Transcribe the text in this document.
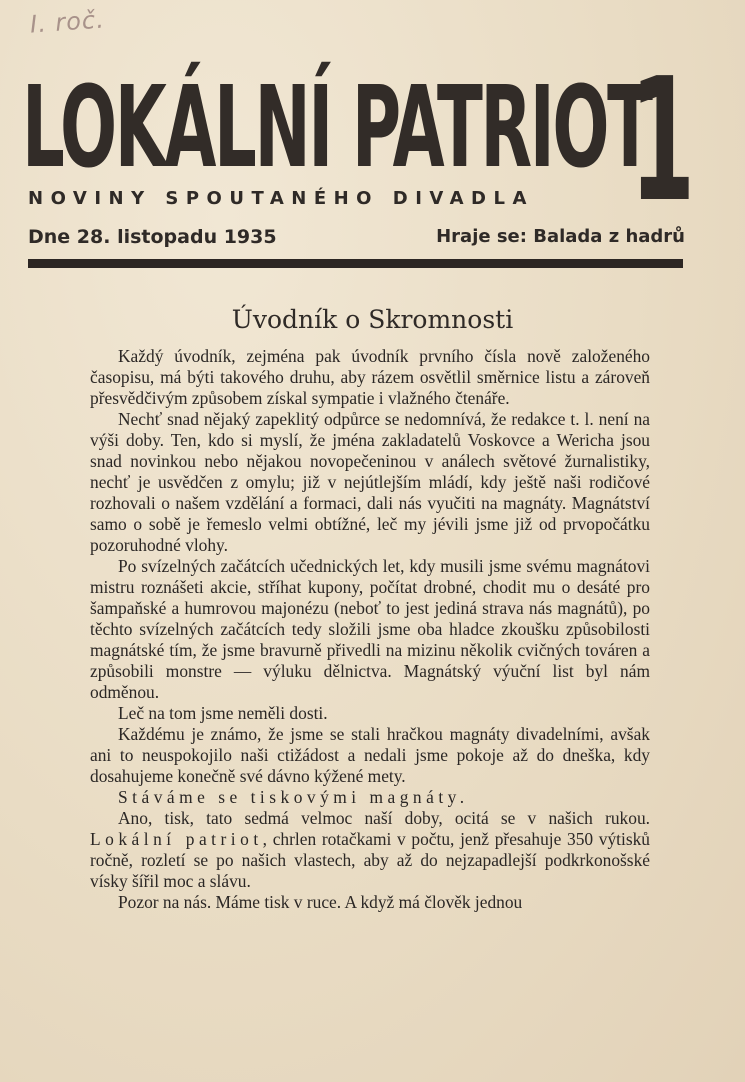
I. roč.
LOKÁLNÍ PATRIOT
1
NOVINY SPOUTANÉHO DIVADLA
Dne 28. listopadu 1935	Hraje se: Balada z hadrů
Úvodník o Skromnosti

Každý úvodník, zejména pak úvodník prvního čísla nově založeného časopisu, má býti takového druhu, aby rázem osvětlil směrnice listu a zároveň přesvědčivým způsobem získal sympatie i vlažného čtenáře.

Nechť snad nějaký zapeklitý odpůrce se nedomnívá, že redakce t. l. není na výši doby. Ten, kdo si myslí, že jména zakladatelů Voskovce a Wericha jsou snad novinkou nebo nějakou novopečeninou v análech světové žurnalistiky, nechť je usvědčen z omylu; již v nejútlejším mládí, kdy ještě naši rodičové rozhovali o našem vzdělání a formaci, dali nás vyučiti na magnáty. Magnátství samo o sobě je řemeslo velmi obtížné, leč my jévili jsme již od prvopočátku pozoruhodné vlohy.

Po svízelných začátcích učednických let, kdy musili jsme svému magnátovi mistru roznášeti akcie, stříhat kupony, počítat drobné, chodit mu o desáté pro šampaňské a humrovou majonézu (neboť to jest jediná strava nás magnátů), po těchto svízelných začátcích tedy složili jsme oba hladce zkoušku způsobilosti magnátské tím, že jsme bravurně přivedli na mizinu několik cvičných továren a způsobili monstre — výluku dělnictva. Magnátský výuční list byl nám odměnou.

Leč na tom jsme neměli dosti.

Každému je známo, že jsme se stali hračkou magnáty divadelními, avšak ani to neuspokojilo naši ctižádost a nedali jsme pokoje až do dneška, kdy dosahujeme konečně své dávno kýžené mety.

Stáváme se tiskovými magnáty.

Ano, tisk, tato sedmá velmoc naší doby, ocitá se v našich rukou. Lokální patriot, chrlen rotačkami v počtu, jenž přesahuje 350 výtisků ročně, rozletí se po našich vlastech, aby až do nejzapadlejší podkrkonošské vísky šířil moc a slávu.

Pozor na nás. Máme tisk v ruce. A když má člověk jednou
